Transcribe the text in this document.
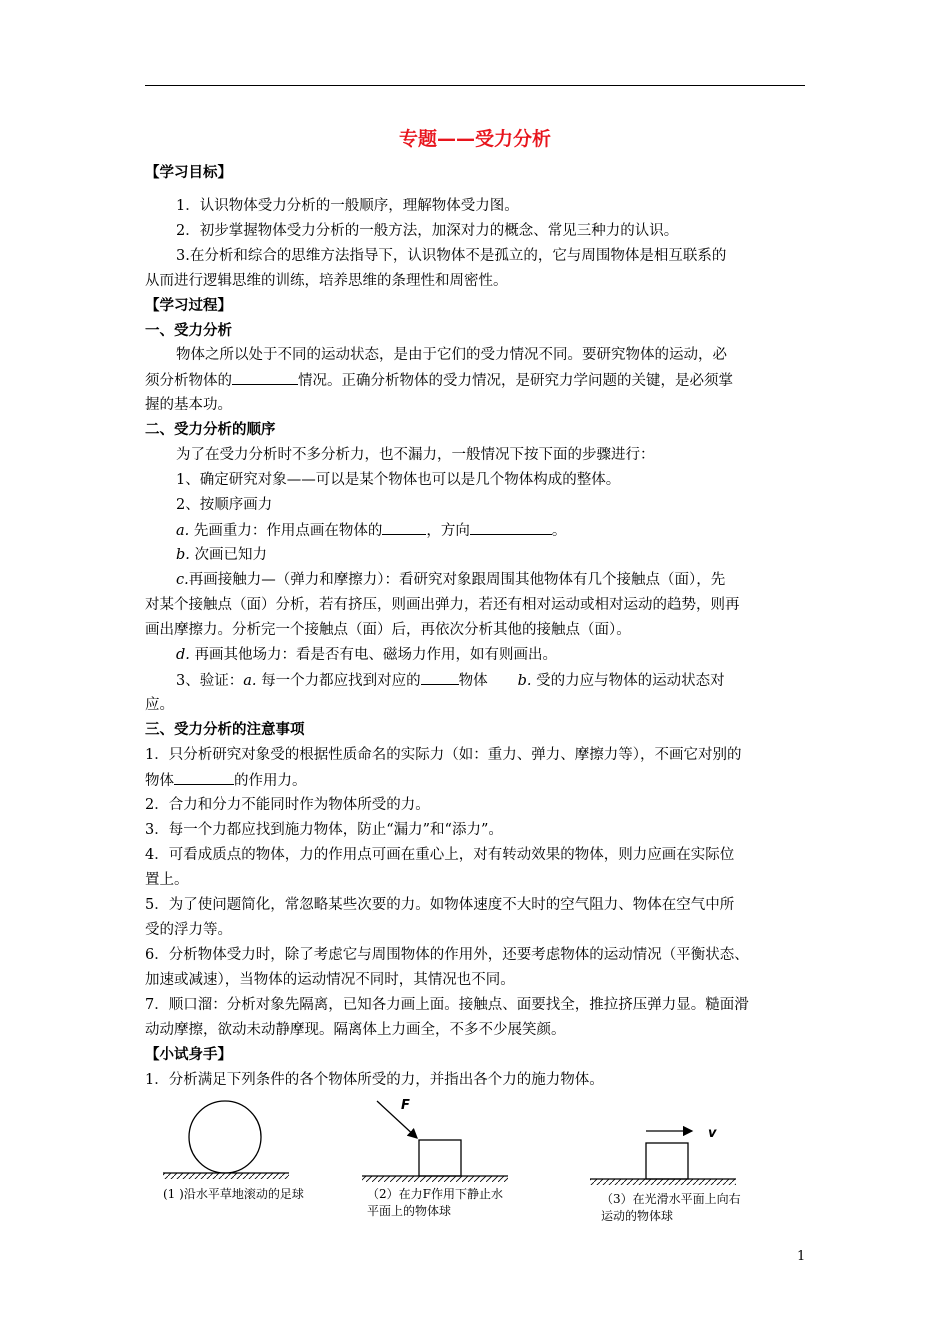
专题——受力分析
【学习目标】
1．认识物体受力分析的一般顺序，理解物体受力图。
2．初步掌握物体受力分析的一般方法，加深对力的概念、常见三种力的认识。
3.在分析和综合的思维方法指导下，认识物体不是孤立的，它与周围物体是相互联系的
从而进行逻辑思维的训练，培养思维的条理性和周密性。
【学习过程】
一、受力分析
物体之所以处于不同的运动状态，是由于它们的受力情况不同。要研究物体的运动，必
须分析物体的	情况。正确分析物体的受力情况，是研究力学问题的关键，是必须掌
握的基本功。
二、受力分析的顺序
为了在受力分析时不多分析力，也不漏力，一般情况下按下面的步骤进行：
1、确定研究对象——可以是某个物体也可以是几个物体构成的整体。
2、按顺序画力
a. 先画重力：作用点画在物体的	，方向	。
b. 次画已知力
c.再画接触力—（弹力和摩擦力）：看研究对象跟周围其他物体有几个接触点（面），先
对某个接触点（面）分析，若有挤压，则画出弹力，若还有相对运动或相对运动的趋势，则再
画出摩擦力。分析完一个接触点（面）后，再依次分析其他的接触点（面）。
d. 再画其他场力：看是否有电、磁场力作用，如有则画出。
3、验证：a. 每一个力都应找到对应的	物体 b. 受的力应与物体的运动状态对
应。
三、受力分析的注意事项
1．只分析研究对象受的根据性质命名的实际力（如：重力、弹力、摩擦力等），不画它对别的
物体	的作用力。
2．合力和分力不能同时作为物体所受的力。
3．每一个力都应找到施力物体，防止“漏力”和“添力”。
4．可看成质点的物体，力的作用点可画在重心上，对有转动效果的物体，则力应画在实际位
置上。
5．为了使问题简化，常忽略某些次要的力。如物体速度不大时的空气阻力、物体在空气中所
受的浮力等。
6．分析物体受力时，除了考虑它与周围物体的作用外，还要考虑物体的运动情况（平衡状态、
加速或减速），当物体的运动情况不同时，其情况也不同。
7．顺口溜：分析对象先隔离，已知各力画上面。接触点、面要找全，推拉挤压弹力显。糙面滑
动动摩擦，欲动未动静摩现。隔离体上力画全，不多不少展笑颜。
【小试身手】
1．分析满足下列条件的各个物体所受的力，并指出各个力的施力物体。
F
v
(1 )沿水平草地滚动的足球	（2）在力F作用下静止水
平面上的物体球
（3）在光滑水平面上向右
运动的物体球
1
